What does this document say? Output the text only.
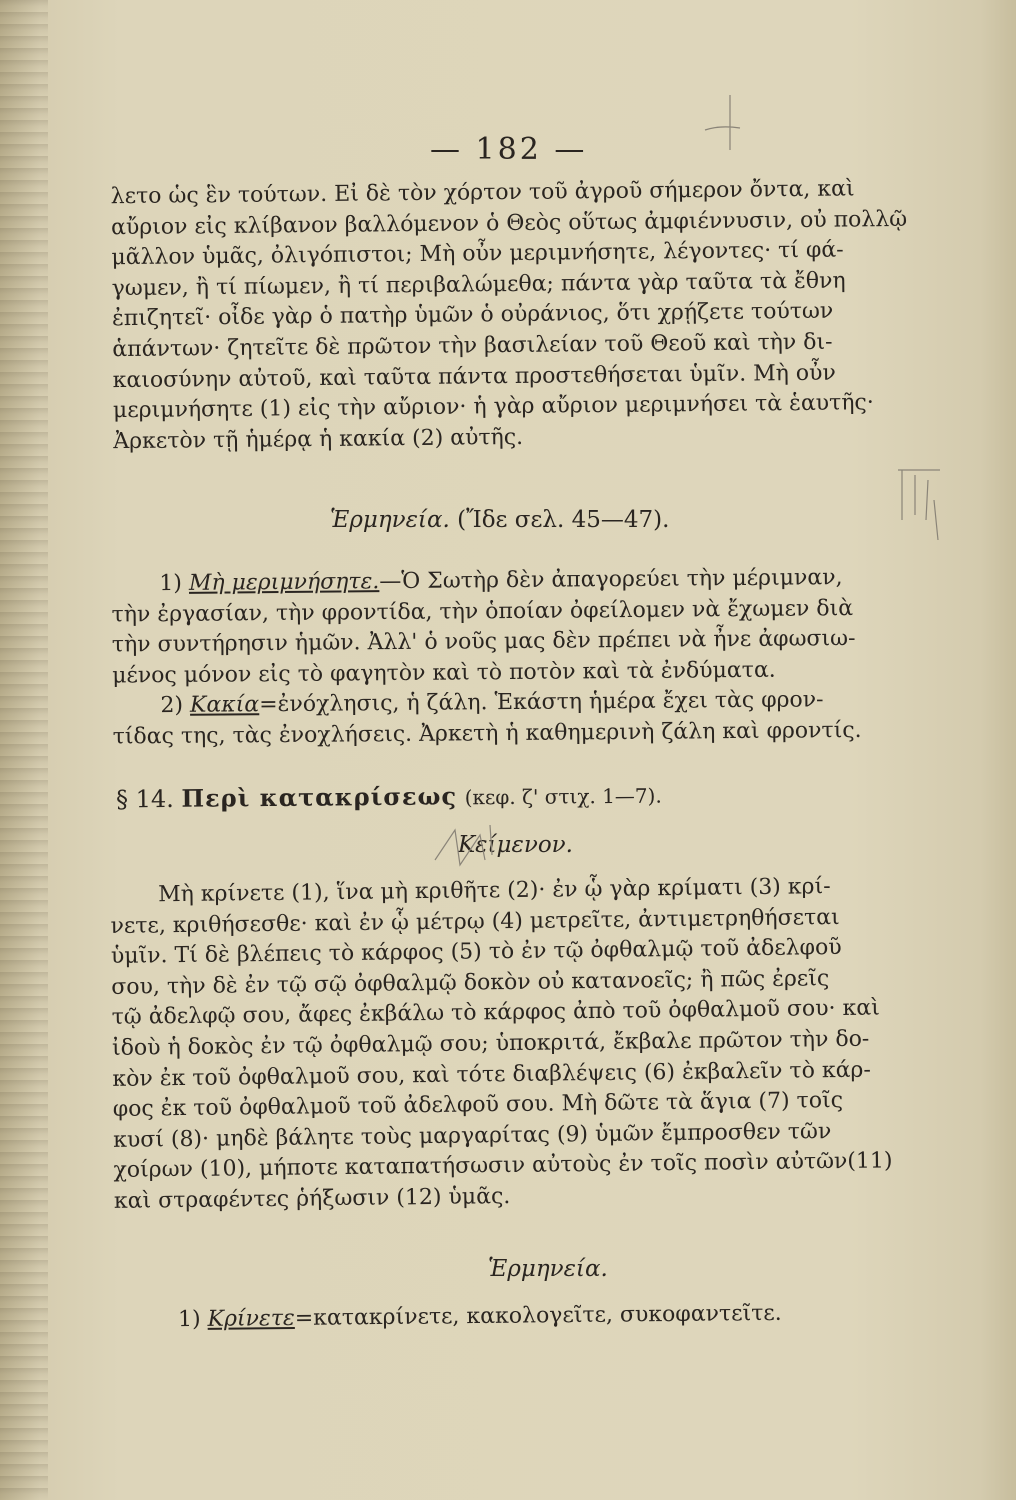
— 182 —

λετο ὡς ἓν τούτων. Εἰ δὲ τὸν χόρτον τοῦ ἀγροῦ σήμερον ὄντα, καὶ

αὔριον εἰς κλίβανον βαλλόμενον ὁ Θεὸς οὕτως ἀμφιέννυσιν, οὐ πολλῷ

μᾶλλον ὑμᾶς, ὀλιγόπιστοι; Μὴ οὖν μεριμνήσητε, λέγοντες· τί φά-

γωμεν, ἢ τί πίωμεν, ἢ τί περιβαλώμεθα; πάντα γὰρ ταῦτα τὰ ἔθνη

ἐπιζητεῖ· οἶδε γὰρ ὁ πατὴρ ὑμῶν ὁ οὐράνιος, ὅτι χρῄζετε τούτων

ἁπάντων· ζητεῖτε δὲ πρῶτον τὴν βασιλείαν τοῦ Θεοῦ καὶ τὴν δι-

καιοσύνην αὐτοῦ, καὶ ταῦτα πάντα προστεθήσεται ὑμῖν. Μὴ οὖν

μεριμνήσητε (1) εἰς τὴν αὔριον· ἡ γὰρ αὔριον μεριμνήσει τὰ ἑαυτῆς·

Ἀρκετὸν τῇ ἡμέρᾳ ἡ κακία (2) αὐτῆς.

Ἑρμηνεία. (Ἴδε σελ. 45—47).

1) Μὴ μεριμνήσητε.—Ὁ Σωτὴρ δὲν ἀπαγορεύει τὴν μέριμναν,

τὴν ἐργασίαν, τὴν φροντίδα, τὴν ὁποίαν ὀφείλομεν νὰ ἔχωμεν διὰ

τὴν συντήρησιν ἡμῶν. Ἀλλ' ὁ νοῦς μας δὲν πρέπει νὰ ἦνε ἀφωσιω-

μένος μόνον εἰς τὸ φαγητὸν καὶ τὸ ποτὸν καὶ τὰ ἐνδύματα.

2) Κακία=ἐνόχλησις, ἡ ζάλη. Ἑκάστη ἡμέρα ἔχει τὰς φρον-

τίδας της, τὰς ἐνοχλήσεις. Ἀρκετὴ ἡ καθημερινὴ ζάλη καὶ φροντίς.

§ 14. Περὶ κατακρίσεως (κεφ. ζ' στιχ. 1—7).
Κείμενον.

Μὴ κρίνετε (1), ἵνα μὴ κριθῆτε (2)· ἐν ᾧ γὰρ κρίματι (3) κρί-

νετε, κριθήσεσθε· καὶ ἐν ᾧ μέτρῳ (4) μετρεῖτε, ἀντιμετρηθήσεται

ὑμῖν. Τί δὲ βλέπεις τὸ κάρφος (5) τὸ ἐν τῷ ὀφθαλμῷ τοῦ ἀδελφοῦ

σου, τὴν δὲ ἐν τῷ σῷ ὀφθαλμῷ δοκὸν οὐ κατανοεῖς; ἢ πῶς ἐρεῖς

τῷ ἀδελφῷ σου, ἄφες ἐκβάλω τὸ κάρφος ἀπὸ τοῦ ὀφθαλμοῦ σου· καὶ

ἰδοὺ ἡ δοκὸς ἐν τῷ ὀφθαλμῷ σου; ὑποκριτά, ἔκβαλε πρῶτον τὴν δο-

κὸν ἐκ τοῦ ὀφθαλμοῦ σου, καὶ τότε διαβλέψεις (6) ἐκβαλεῖν τὸ κάρ-

φος ἐκ τοῦ ὀφθαλμοῦ τοῦ ἀδελφοῦ σου. Μὴ δῶτε τὰ ἅγια (7) τοῖς

κυσί (8)· μηδὲ βάλητε τοὺς μαργαρίτας (9) ὑμῶν ἔμπροσθεν τῶν

χοίρων (10), μήποτε καταπατήσωσιν αὐτοὺς ἐν τοῖς ποσὶν αὐτῶν(11)

καὶ στραφέντες ῥήξωσιν (12) ὑμᾶς.

Ἑρμηνεία.
1) Κρίνετε=κατακρίνετε, κακολογεῖτε, συκοφαντεῖτε.
